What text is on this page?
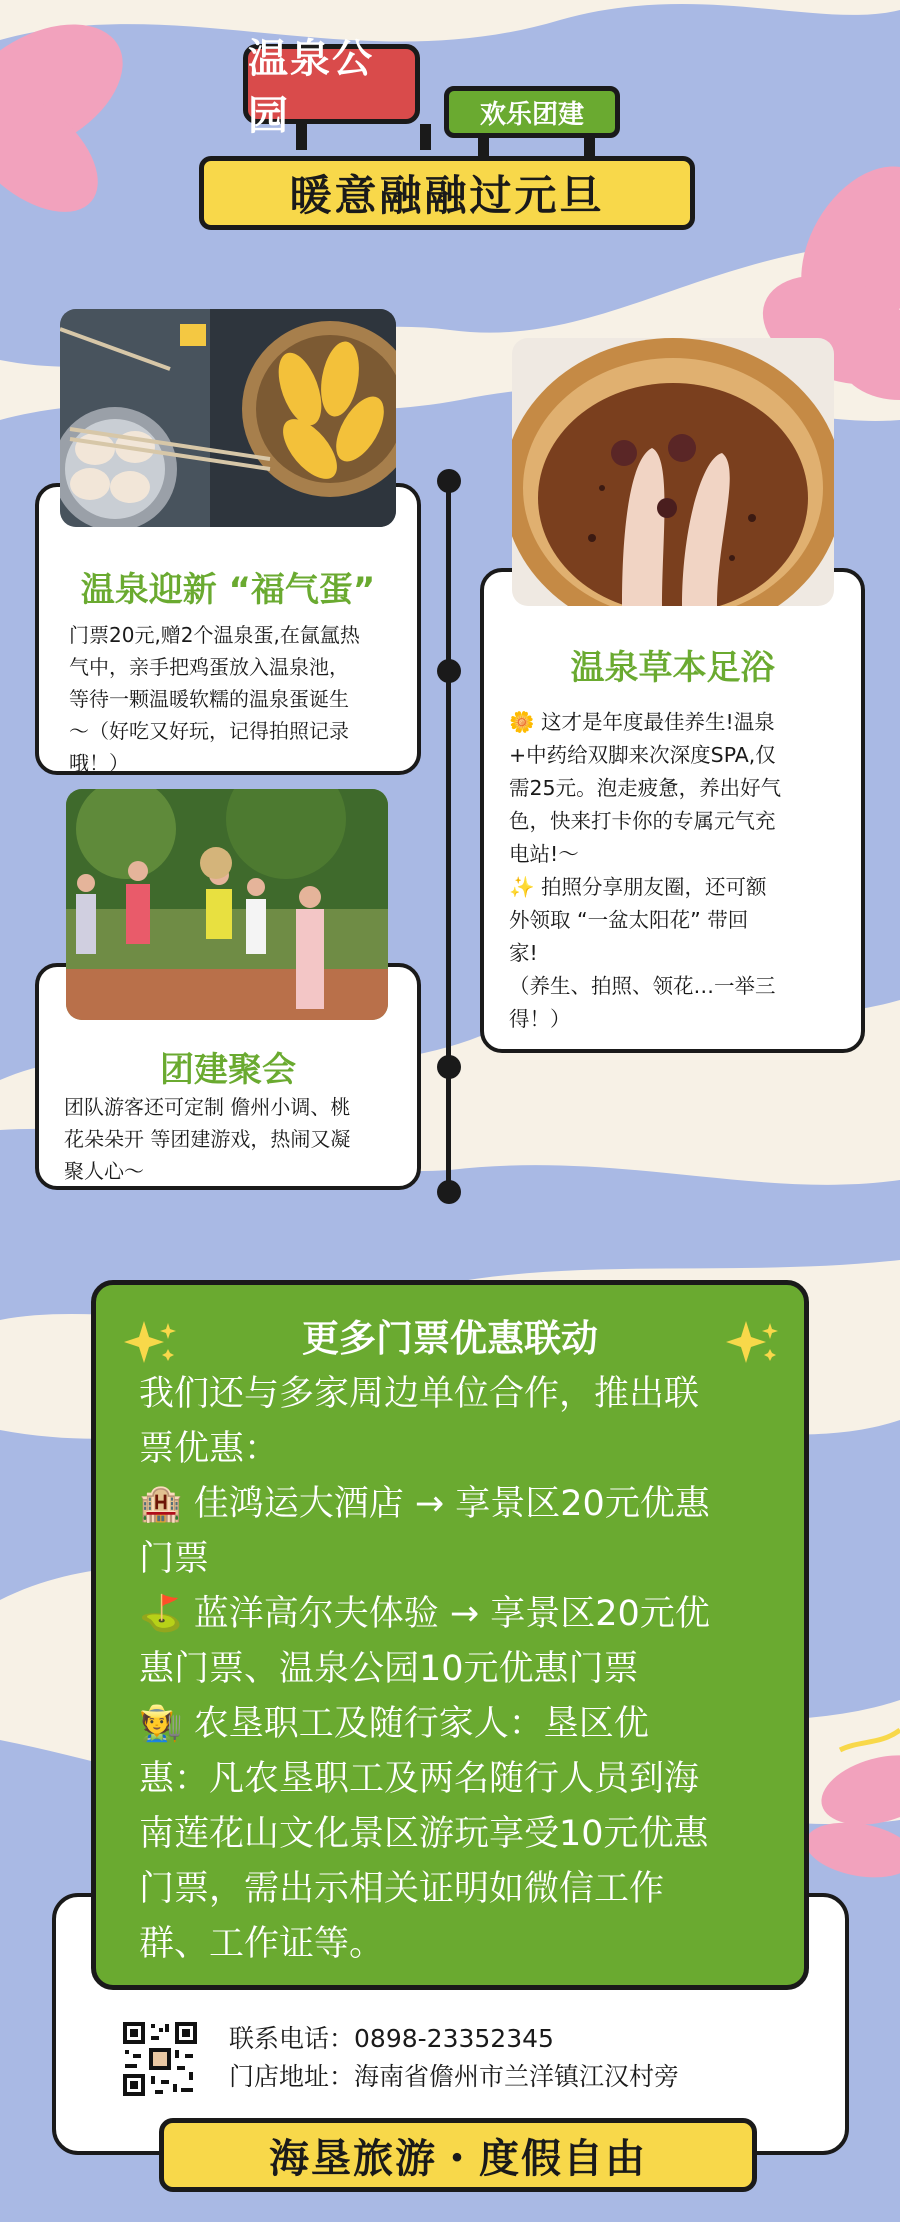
温泉公园	欢乐团建
暖意融融过元旦
温泉迎新 “福气蛋”
门票20元,赠2个温泉蛋,在氤氲热
气中，亲手把鸡蛋放入温泉池，
等待一颗温暖软糯的温泉蛋诞生
～（好吃又好玩，记得拍照记录
哦！）
温泉草本足浴
🌼 这才是年度最佳养生!温泉
+中药给双脚来次深度SPA,仅
需25元。泡走疲惫，养出好气
色，快来打卡你的专属元气充
电站!～
✨ 拍照分享朋友圈，还可额
外领取 “一盆太阳花” 带回
家!
（养生、拍照、领花…一举三
得！）
团建聚会
团队游客还可定制 儋州小调、桃
花朵朵开 等团建游戏，热闹又凝
聚人心～
更多门票优惠联动
我们还与多家周边单位合作，推出联
票优惠：
🏨 佳鸿运大酒店 → 享景区20元优惠
门票
⛳ 蓝洋高尔夫体验 → 享景区20元优
惠门票、温泉公园10元优惠门票
🧑‍🌾 农垦职工及随行家人：垦区优
惠：凡农垦职工及两名随行人员到海
南莲花山文化景区游玩享受10元优惠
门票，需出示相关证明如微信工作
群、工作证等。
联系电话：0898-23352345
门店地址：海南省儋州市兰洋镇江汉村旁
海垦旅游・度假自由
